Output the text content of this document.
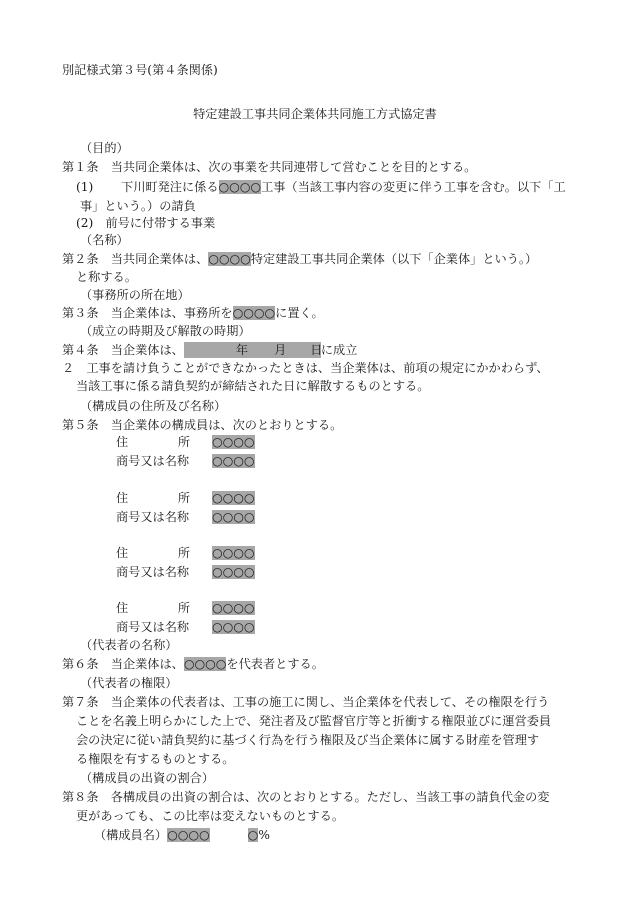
別記様式第３号(第４条関係)
特定建設工事共同企業体共同施工方式協定書
（目的）
第１条　当共同企業体は、次の事業を共同連帯して営むことを目的とする。
(1) 下川町発注に係る○○○○工事（当該工事内容の変更に伴う工事を含む。以下「工
事」という。）の請負
(2)　前号に付帯する事業
（名称）
第２条　当共同企業体は、○○○○特定建設工事共同企業体（以下「企業体」という。）
と称する。
（事務所の所在地）
第３条　当企業体は、事務所を○○○○に置く。
（成立の時期及び解散の時期）
第４条　当企業体は、	年 月 日に成立
２　工事を請け負うことができなかったときは、当企業体は、前項の規定にかかわらず、
当該工事に係る請負契約が締結された日に解散するものとする。
（構成員の住所及び名称）
第５条　当企業体の構成員は、次のとおりとする。
住	所 ○○○○
商号又は名称 ○○○○
住	所 ○○○○
商号又は名称 ○○○○
住	所 ○○○○
商号又は名称 ○○○○
住	所 ○○○○
商号又は名称 ○○○○
（代表者の名称）
第６条　当企業体は、○○○○を代表者とする。
（代表者の権限）
第７条　当企業体の代表者は、工事の施工に関し、当企業体を代表して、その権限を行う
ことを名義上明らかにした上で、発注者及び監督官庁等と折衝する権限並びに運営委員
会の決定に従い請負契約に基づく行為を行う権限及び当企業体に属する財産を管理す
る権限を有するものとする。
（構成員の出資の割合）
第８条　各構成員の出資の割合は、次のとおりとする。ただし、当該工事の請負代金の変
更があっても、この比率は変えないものとする。
（構成員名）○○○○	○%
